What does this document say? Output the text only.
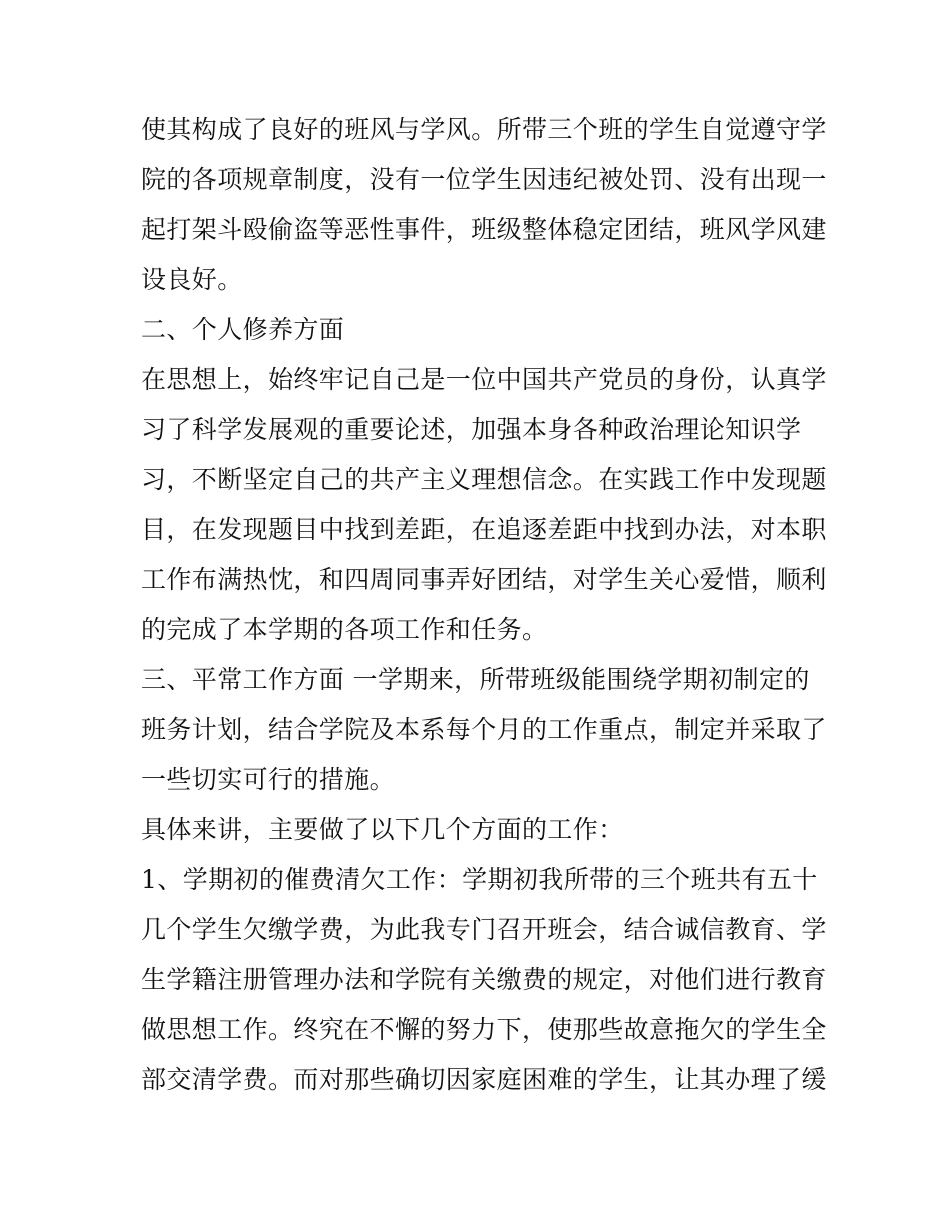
使其构成了良好的班风与学风。所带三个班的学生自觉遵守学
院的各项规章制度，没有一位学生因违纪被处罚、没有出现一
起打架斗殴偷盗等恶性事件，班级整体稳定团结，班风学风建
设良好。
二、个人修养方面
在思想上，始终牢记自己是一位中国共产党员的身份，认真学
习了科学发展观的重要论述，加强本身各种政治理论知识学
习，不断坚定自己的共产主义理想信念。在实践工作中发现题
目，在发现题目中找到差距，在追逐差距中找到办法，对本职
工作布满热忱，和四周同事弄好团结，对学生关心爱惜，顺利
的完成了本学期的各项工作和任务。
三、平常工作方面 一学期来，所带班级能围绕学期初制定的
班务计划，结合学院及本系每个月的工作重点，制定并采取了
一些切实可行的措施。
具体来讲，主要做了以下几个方面的工作：
1、学期初的催费清欠工作：学期初我所带的三个班共有五十
几个学生欠缴学费，为此我专门召开班会，结合诚信教育、学
生学籍注册管理办法和学院有关缴费的规定，对他们进行教育
做思想工作。终究在不懈的努力下，使那些故意拖欠的学生全
部交清学费。而对那些确切因家庭困难的学生，让其办理了缓
